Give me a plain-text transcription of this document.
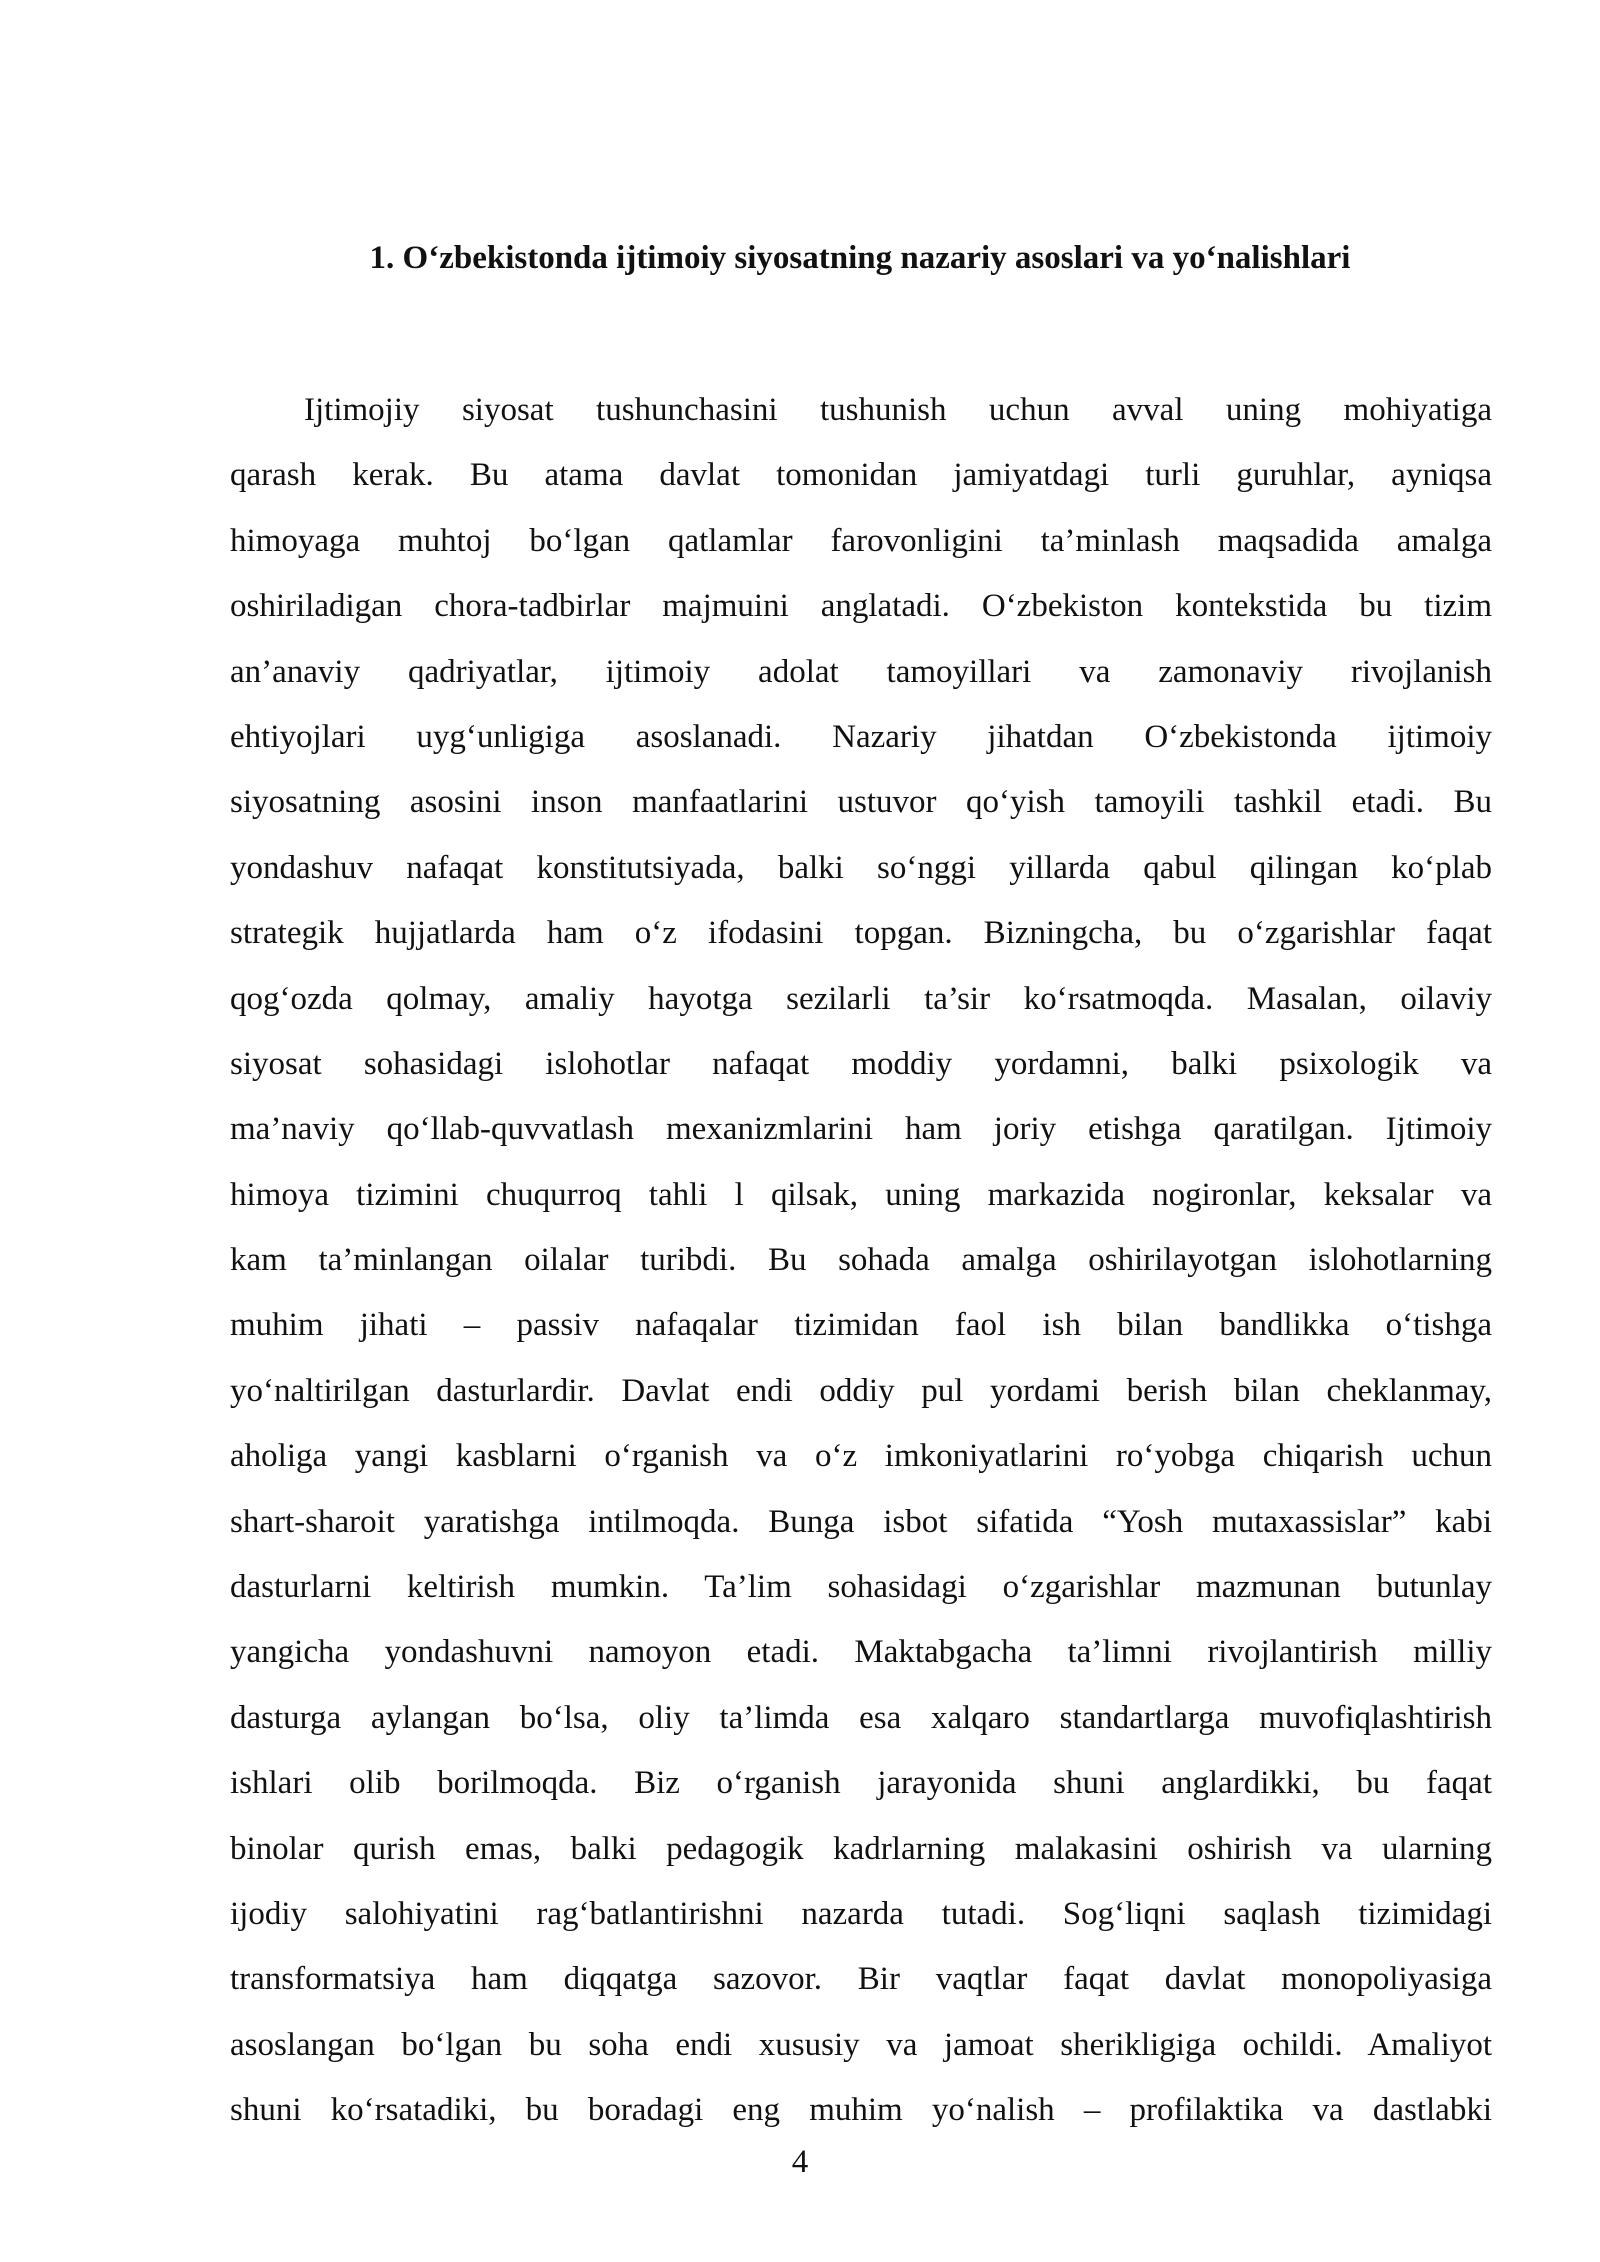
1. O‘zbekistonda ijtimoiy siyosatning nazariy asoslari va yo‘nalishlari
Ijtimojiy siyosat tushunchasini tushunish uchun avval uning mohiyatiga
qarash kerak. Bu atama davlat tomonidan jamiyatdagi turli guruhlar, ayniqsa
himoyaga muhtoj bo‘lgan qatlamlar farovonligini ta’minlash maqsadida amalga
oshiriladigan chora-tadbirlar majmuini anglatadi. O‘zbekiston kontekstida bu tizim
an’anaviy qadriyatlar, ijtimoiy adolat tamoyillari va zamonaviy rivojlanish
ehtiyojlari uyg‘unligiga asoslanadi. Nazariy jihatdan O‘zbekistonda ijtimoiy
siyosatning asosini inson manfaatlarini ustuvor qo‘yish tamoyili tashkil etadi. Bu
yondashuv nafaqat konstitutsiyada, balki so‘nggi yillarda qabul qilingan ko‘plab
strategik hujjatlarda ham o‘z ifodasini topgan. Bizningcha, bu o‘zgarishlar faqat
qog‘ozda qolmay, amaliy hayotga sezilarli ta’sir ko‘rsatmoqda. Masalan, oilaviy
siyosat sohasidagi islohotlar nafaqat moddiy yordamni, balki psixologik va
ma’naviy qo‘llab-quvvatlash mexanizmlarini ham joriy etishga qaratilgan. Ijtimoiy
himoya tizimini chuqurroq tahli l qilsak, uning markazida nogironlar, keksalar va
kam ta’minlangan oilalar turibdi. Bu sohada amalga oshirilayotgan islohotlarning
muhim jihati – passiv nafaqalar tizimidan faol ish bilan bandlikka o‘tishga
yo‘naltirilgan dasturlardir. Davlat endi oddiy pul yordami berish bilan cheklanmay,
aholiga yangi kasblarni o‘rganish va o‘z imkoniyatlarini ro‘yobga chiqarish uchun
shart-sharoit yaratishga intilmoqda. Bunga isbot sifatida “Yosh mutaxassislar” kabi
dasturlarni keltirish mumkin. Ta’lim sohasidagi o‘zgarishlar mazmunan butunlay
yangicha yondashuvni namoyon etadi. Maktabgacha ta’limni rivojlantirish milliy
dasturga aylangan bo‘lsa, oliy ta’limda esa xalqaro standartlarga muvofiqlashtirish
ishlari olib borilmoqda. Biz o‘rganish jarayonida shuni anglardikki, bu faqat
binolar qurish emas, balki pedagogik kadrlarning malakasini oshirish va ularning
ijodiy salohiyatini rag‘batlantirishni nazarda tutadi. Sog‘liqni saqlash tizimidagi
transformatsiya ham diqqatga sazovor. Bir vaqtlar faqat davlat monopoliyasiga
asoslangan bo‘lgan bu soha endi xususiy va jamoat sherikligiga ochildi. Amaliyot
shuni ko‘rsatadiki, bu boradagi eng muhim yo‘nalish – profilaktika va dastlabki
4
